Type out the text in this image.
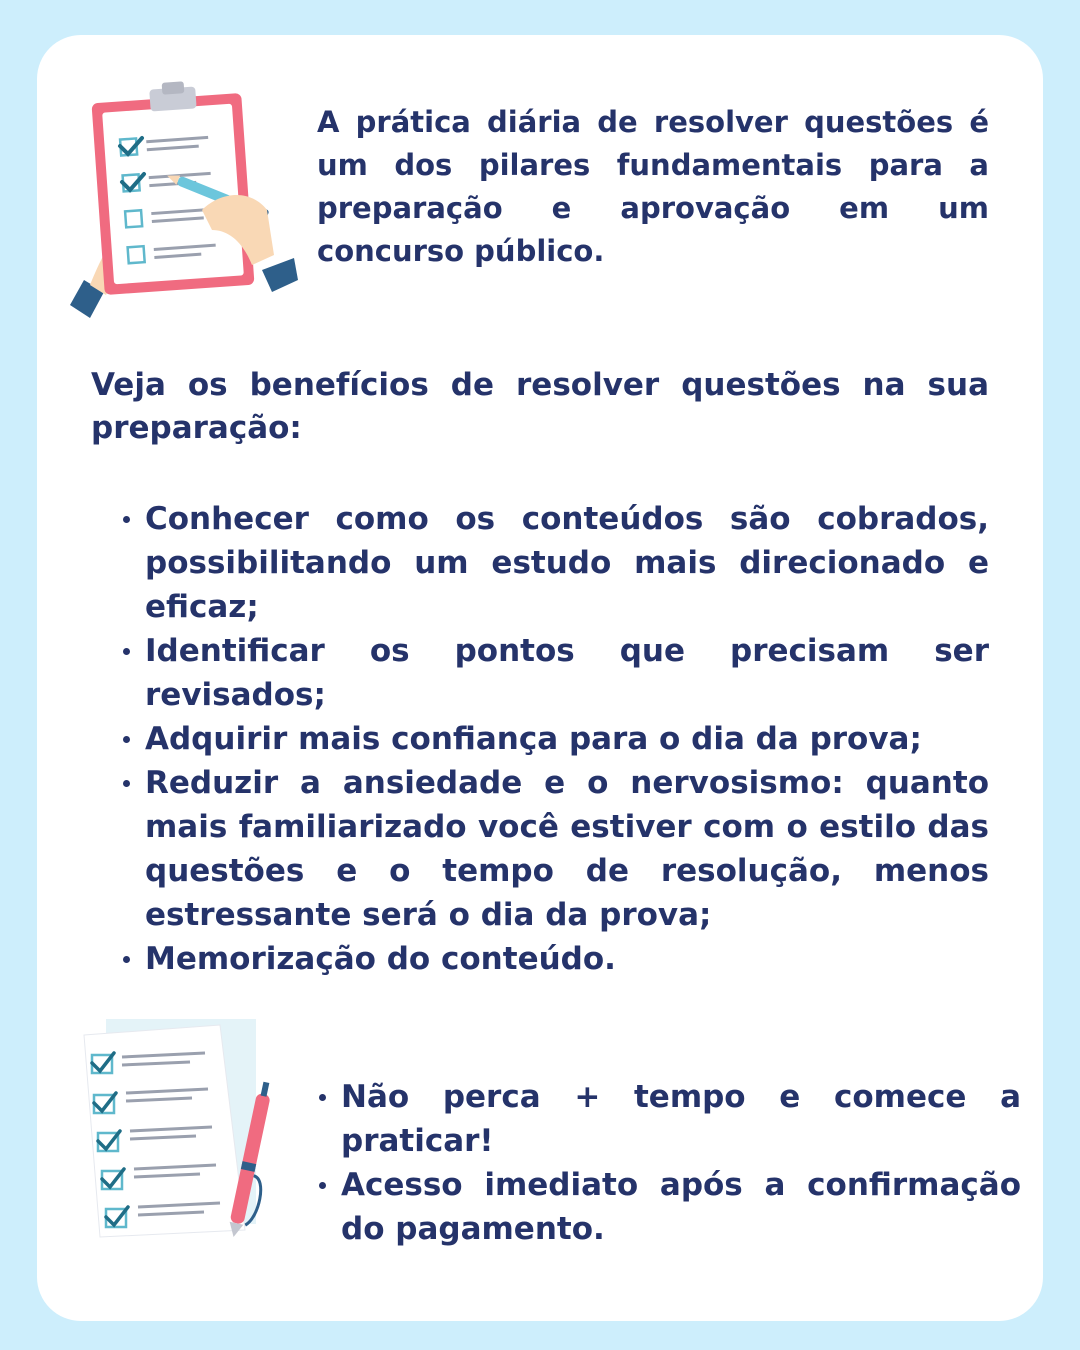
A prática diária de resolver questões é um dos pilares fundamentais para a preparação e aprovação em um concurso público.
Veja os benefícios de resolver questões na sua preparação:
Conhecer como os conteúdos são cobrados, possibilitando um estudo mais direcionado e eficaz;
Identificar os pontos que precisam ser revisados;
Adquirir mais confiança para o dia da prova;
Reduzir a ansiedade e o nervosismo: quanto mais familiarizado você estiver com o estilo das questões e o tempo de resolução, menos estressante será o dia da prova;
Memorização do conteúdo.
Não perca + tempo e comece a praticar!
Acesso imediato após a confirmação do pagamento.
